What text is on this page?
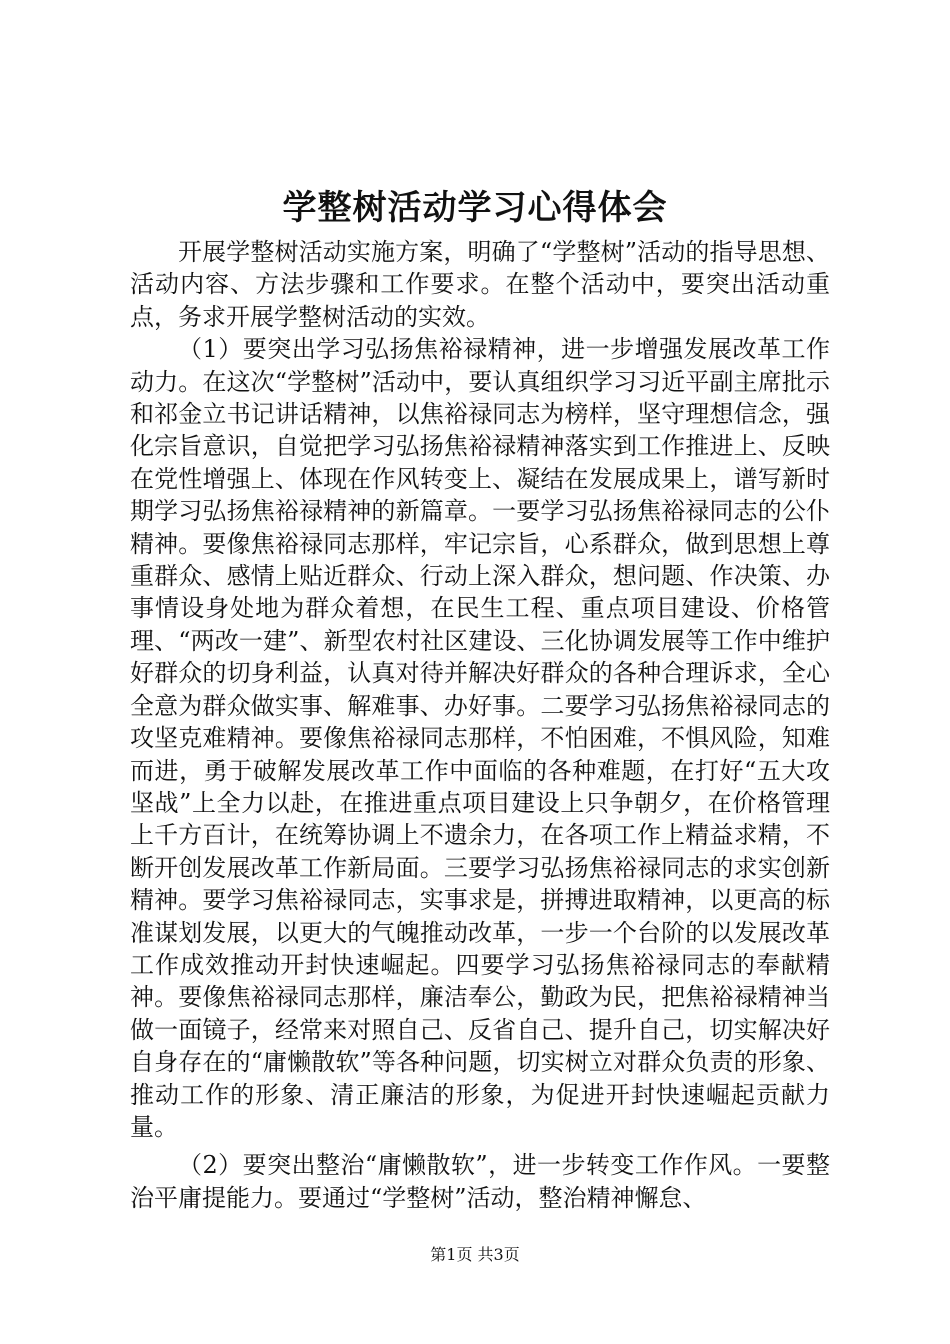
学整树活动学习心得体会

开展学整树活动实施方案，明确了“学整树”活动的指导思想、活动内容、方法步骤和工作要求。在整个活动中，要突出活动重点，务求开展学整树活动的实效。

（1）要突出学习弘扬焦裕禄精神，进一步增强发展改革工作动力。在这次“学整树”活动中，要认真组织学习习近平副主席批示和祁金立书记讲话精神，以焦裕禄同志为榜样，坚守理想信念，强化宗旨意识，自觉把学习弘扬焦裕禄精神落实到工作推进上、反映在党性增强上、体现在作风转变上、凝结在发展成果上，谱写新时期学习弘扬焦裕禄精神的新篇章。一要学习弘扬焦裕禄同志的公仆精神。要像焦裕禄同志那样，牢记宗旨，心系群众，做到思想上尊重群众、感情上贴近群众、行动上深入群众，想问题、作决策、办事情设身处地为群众着想，在民生工程、重点项目建设、价格管理、“两改一建”、新型农村社区建设、三化协调发展等工作中维护好群众的切身利益，认真对待并解决好群众的各种合理诉求，全心全意为群众做实事、解难事、办好事。二要学习弘扬焦裕禄同志的攻坚克难精神。要像焦裕禄同志那样，不怕困难，不惧风险，知难而进，勇于破解发展改革工作中面临的各种难题，在打好“五大攻坚战”上全力以赴，在推进重点项目建设上只争朝夕，在价格管理上千方百计，在统筹协调上不遗余力，在各项工作上精益求精，不断开创发展改革工作新局面。三要学习弘扬焦裕禄同志的求实创新精神。要学习焦裕禄同志，实事求是，拼搏进取精神，以更高的标准谋划发展，以更大的气魄推动改革，一步一个台阶的以发展改革工作成效推动开封快速崛起。四要学习弘扬焦裕禄同志的奉献精神。要像焦裕禄同志那样，廉洁奉公，勤政为民，把焦裕禄精神当做一面镜子，经常来对照自己、反省自己、提升自己，切实解决好自身存在的“庸懒散软”等各种问题，切实树立对群众负责的形象、推动工作的形象、清正廉洁的形象，为促进开封快速崛起贡献力量。

（2）要突出整治“庸懒散软”，进一步转变工作作风。一要整治平庸提能力。要通过“学整树”活动，整治精神懈怠、

第1页 共3页
